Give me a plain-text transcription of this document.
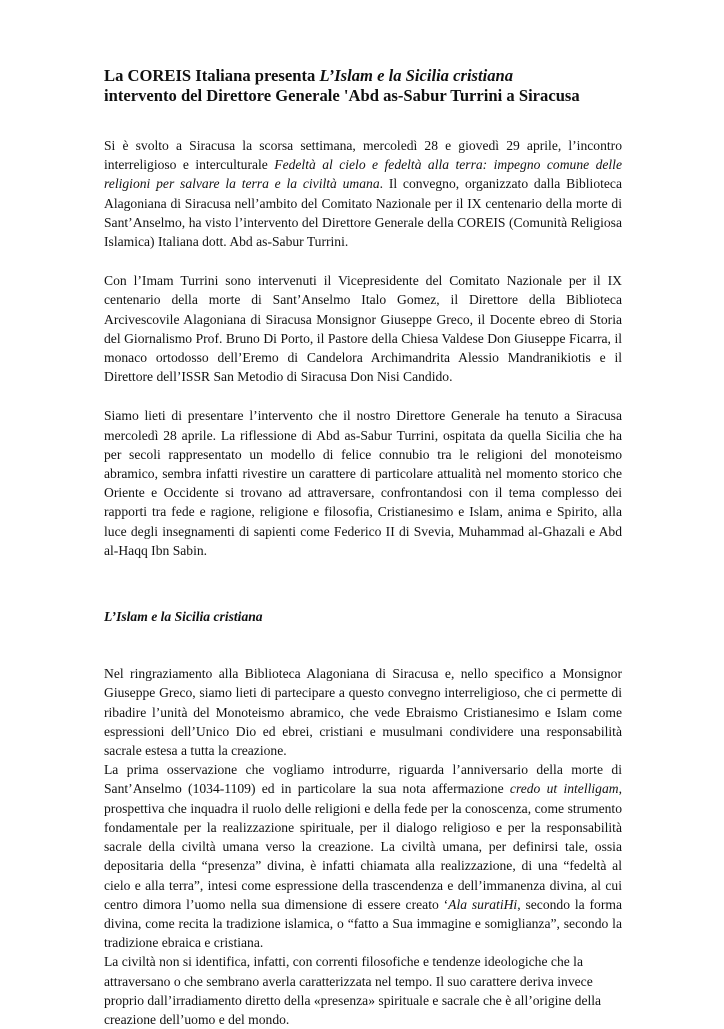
La COREIS Italiana presenta L’Islam e la Sicilia cristiana
intervento del Direttore Generale 'Abd as-Sabur Turrini a Siracusa

Si è svolto a Siracusa la scorsa settimana, mercoledì 28 e giovedì 29 aprile, l’incontro interreligioso e interculturale Fedeltà al cielo e fedeltà alla terra: impegno comune delle religioni per salvare la terra e la civiltà umana. Il convegno, organizzato dalla Biblioteca Alagoniana di Siracusa nell’ambito del Comitato Nazionale per il IX centenario della morte di Sant’Anselmo, ha visto l’intervento del Direttore Generale della COREIS (Comunità Religiosa Islamica) Italiana dott. Abd as-Sabur Turrini.

Con l’Imam Turrini sono intervenuti il Vicepresidente del Comitato Nazionale per il IX centenario della morte di Sant’Anselmo Italo Gomez, il Direttore della Biblioteca Arcivescovile Alagoniana di Siracusa Monsignor Giuseppe Greco, il Docente ebreo di Storia del Giornalismo Prof. Bruno Di Porto, il Pastore della Chiesa Valdese Don Giuseppe Ficarra, il monaco ortodosso dell’Eremo di Candelora Archimandrita Alessio Mandranikiotis e il Direttore dell’ISSR San Metodio di Siracusa Don Nisi Candido.

Siamo lieti di presentare l’intervento che il nostro Direttore Generale ha tenuto a Siracusa mercoledì 28 aprile. La riflessione di Abd as-Sabur Turrini, ospitata da quella Sicilia che ha per secoli rappresentato un modello di felice connubio tra le religioni del monoteismo abramico, sembra infatti rivestire un carattere di particolare attualità nel momento storico che Oriente e Occidente si trovano ad attraversare, confrontandosi con il tema complesso dei rapporti tra fede e ragione, religione e filosofia, Cristianesimo e Islam, anima e Spirito, alla luce degli insegnamenti di sapienti come Federico II di Svevia, Muhammad al-Ghazali e Abd al-Haqq Ibn Sabin.

L’Islam e la Sicilia cristiana

Nel ringraziamento alla Biblioteca Alagoniana di Siracusa e, nello specifico a Monsignor Giuseppe Greco, siamo lieti di partecipare a questo convegno interreligioso, che ci permette di ribadire l’unità del Monoteismo abramico, che vede Ebraismo Cristianesimo e Islam come espressioni dell’Unico Dio ed ebrei, cristiani e musulmani condividere una responsabilità sacrale estesa a tutta la creazione.

La prima osservazione che vogliamo introdurre, riguarda l’anniversario della morte di Sant’Anselmo (1034-1109) ed in particolare la sua nota affermazione credo ut intelligam, prospettiva che inquadra il ruolo delle religioni e della fede per la conoscenza, come strumento fondamentale per la realizzazione spirituale, per il dialogo religioso e per la responsabilità sacrale della civiltà umana verso la creazione. La civiltà umana, per definirsi tale, ossia depositaria della “presenza” divina, è infatti chiamata alla realizzazione, di una “fedeltà al cielo e alla terra”, intesi come espressione della trascendenza e dell’immanenza divina, al cui centro dimora l’uomo nella sua dimensione di essere creato ‘Ala suratiHi, secondo la forma divina, come recita la tradizione islamica, o “fatto a Sua immagine e somiglianza”, secondo la tradizione ebraica e cristiana.

La civiltà non si identifica, infatti, con correnti filosofiche e tendenze ideologiche che la attraversano o che sembrano averla caratterizzata nel tempo. Il suo carattere deriva invece proprio dall’irradiamento diretto della «presenza» spirituale e sacrale che è all’origine della creazione dell’uomo e del mondo.
